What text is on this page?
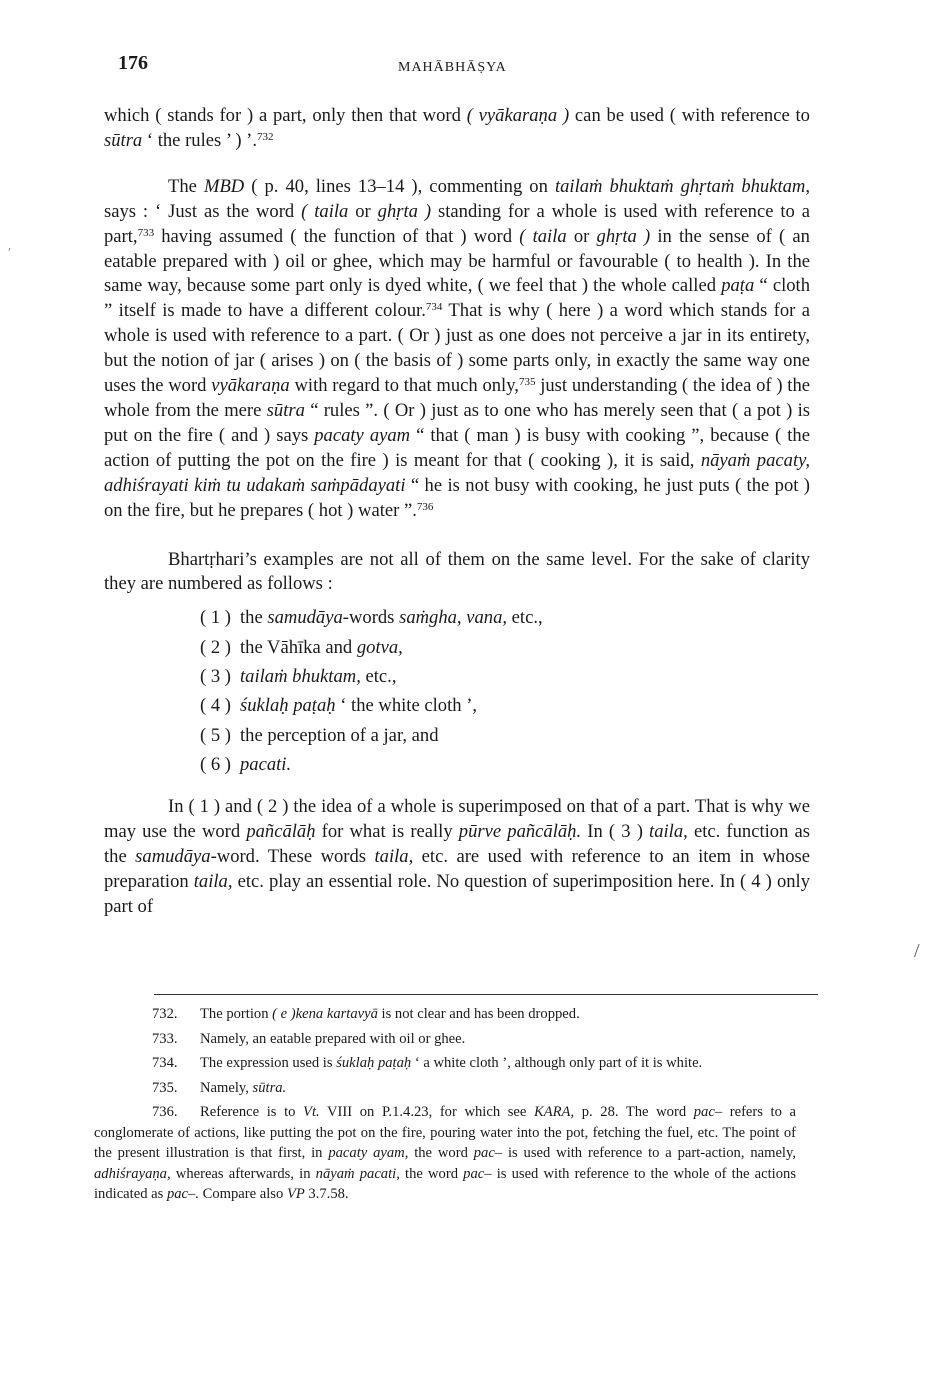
176	MAHĀBHĀṢYA

which ( stands for ) a part, only then that word ( vyākaraṇa ) can be used ( with reference to sūtra ‘ the rules ’ ) ’.$^{732}$

The MBD ( p. 40, lines 13–14 ), commenting on tailaṁ bhuktaṁ ghṛtaṁ bhuktam, says : ‘ Just as the word ( taila or ghṛta ) standing for a whole is used with reference to a part,$^{733}$ having assumed ( the function of that ) word ( taila or ghṛta ) in the sense of ( an eatable prepared with ) oil or ghee, which may be harmful or favourable ( to health ). In the same way, because some part only is dyed white, ( we feel that ) the whole called paṭa “ cloth ” itself is made to have a different colour.$^{734}$ That is why ( here ) a word which stands for a whole is used with reference to a part. ( Or ) just as one does not perceive a jar in its entirety, but the notion of jar ( arises ) on ( the basis of ) some parts only, in exactly the same way one uses the word vyākaraṇa with regard to that much only,$^{735}$ just understanding ( the idea of ) the whole from the mere sūtra “ rules ”. ( Or ) just as to one who has merely seen that ( a pot ) is put on the fire ( and ) says pacaty ayam “ that ( man ) is busy with cooking ”, because ( the action of putting the pot on the fire ) is meant for that ( cooking ), it is said, nāyaṁ pacaty, adhiśrayati kiṁ tu udakaṁ saṁpādayati “ he is not busy with cooking, he just puts ( the pot ) on the fire, but he prepares ( hot ) water ”.$^{736}$

Bhartṛhari’s examples are not all of them on the same level. For the sake of clarity they are numbered as follows :

( 1 ) the samudāya-words saṁgha, vana, etc.,
( 2 ) the Vāhīka and gotva,
( 3 ) tailaṁ bhuktam, etc.,
( 4 ) śuklaḥ paṭaḥ ‘ the white cloth ’,
( 5 ) the perception of a jar, and
( 6 ) pacati.

In ( 1 ) and ( 2 ) the idea of a whole is superimposed on that of a part. That is why we may use the word pañcālāḥ for what is really pūrve pañcālāḥ. In ( 3 ) taila, etc. function as the samudāya-word. These words taila, etc. are used with reference to an item in whose preparation taila, etc. play an essential role. No question of superimposition here. In ( 4 ) only part of

732. The portion ( e )kena kartavyā is not clear and has been dropped.

733. Namely, an eatable prepared with oil or ghee.

734. The expression used is śuklaḥ paṭaḥ ‘ a white cloth ’, although only part of it is white.

735. Namely, sūtra.

736. Reference is to Vt. VIII on P.1.4.23, for which see KARA, p. 28. The word pac– refers to a conglomerate of actions, like putting the pot on the fire, pouring water into the pot, fetching the fuel, etc. The point of the present illustration is that first, in pacaty ayam, the word pac– is used with reference to a part-action, namely, adhiśrayaṇa, whereas afterwards, in nāyaṁ pacati, the word pac– is used with reference to the whole of the actions indicated as pac–. Compare also VP 3.7.58.

′
/
